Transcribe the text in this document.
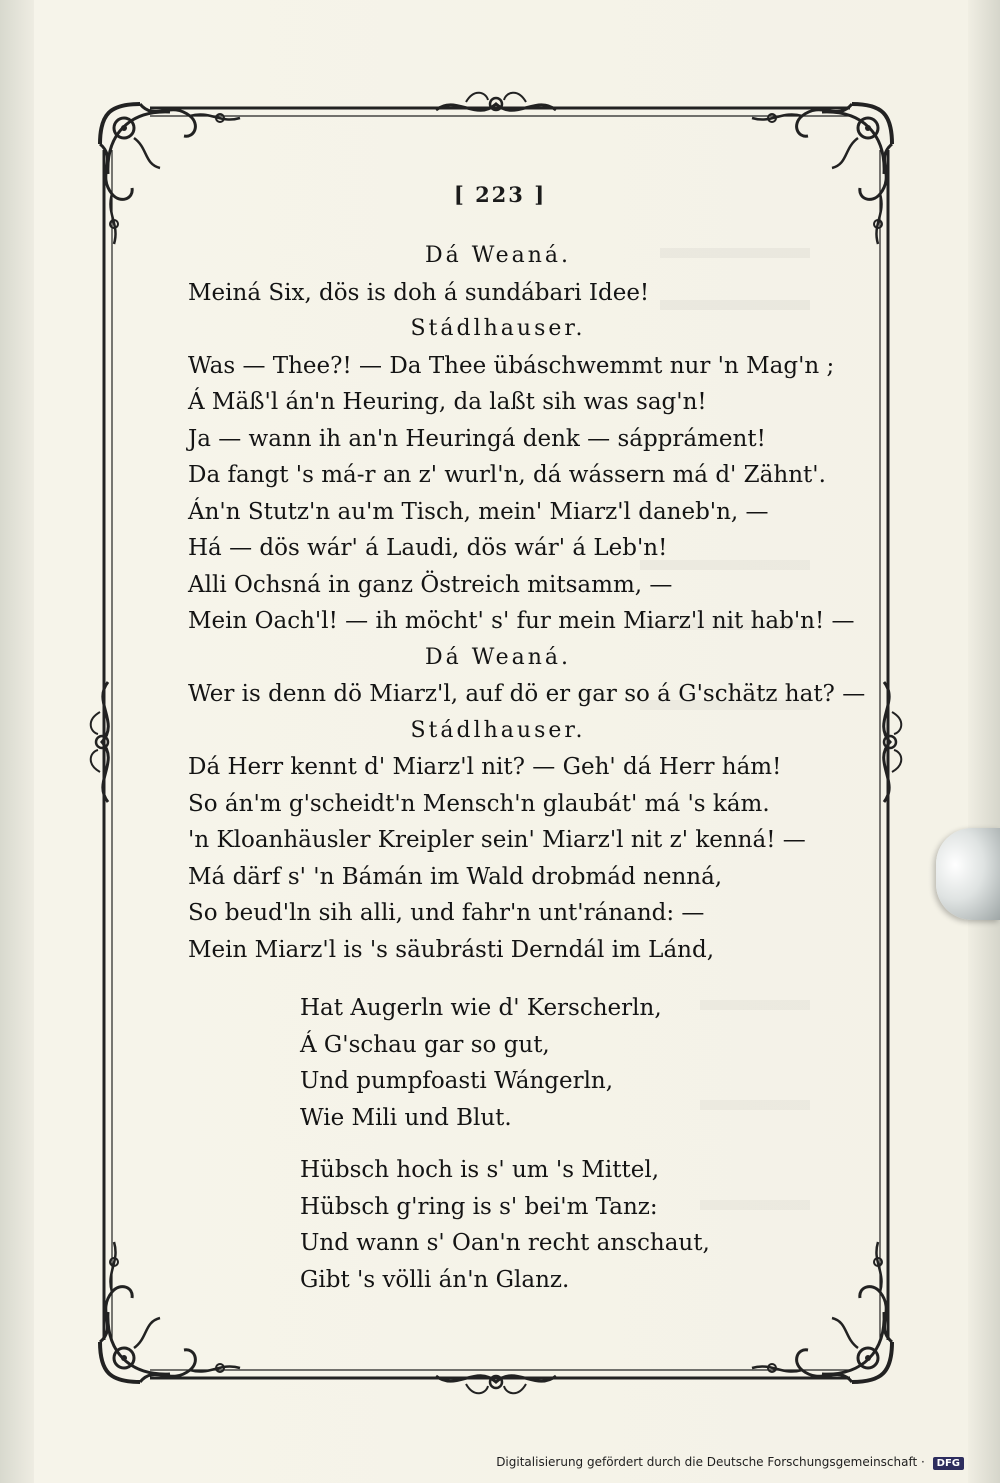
[ 223 ]
Dá Weaná.
Meiná Six, dös is doh á sundábari Idee!
Stádlhauser.
Was — Thee?! — Da Thee übáschwemmt nur 'n Mag'n ;
Á Mäß'l án'n Heuring, da laßt sih was sag'n!
Ja — wann ih an'n Heuringá denk — sáppráment!
Da fangt 's má-r an z' wurl'n, dá wássern má d' Zähnt'.
Án'n Stutz'n au'm Tisch, mein' Miarz'l daneb'n, —
Há — dös wár' á Laudi, dös wár' á Leb'n!
Alli Ochsná in ganz Östreich mitsamm, —
Mein Oach'l! — ih möcht' s' fur mein Miarz'l nit hab'n! —
Dá Weaná.
Wer is denn dö Miarz'l, auf dö er gar so á G'schätz hat? —
Stádlhauser.
Dá Herr kennt d' Miarz'l nit? — Geh' dá Herr hám!
So án'm g'scheidt'n Mensch'n glaubát' má 's kám.
'n Kloanhäusler Kreipler sein' Miarz'l nit z' kenná! —
Má därf s' 'n Bámán im Wald drobmád nenná,
So beud'ln sih alli, und fahr'n unt'ránand: —
Mein Miarz'l is 's säubrásti Derndál im Lánd,
Hat Augerln wie d' Kerscherln,
Á G'schau gar so gut,
Und pumpfoasti Wángerln,
Wie Mili und Blut.
Hübsch hoch is s' um 's Mittel,
Hübsch g'ring is s' bei'm Tanz:
Und wann s' Oan'n recht anschaut,
Gibt 's völli án'n Glanz.
Digitalisierung gefördert durch die Deutsche Forschungsgemeinschaft · DFG
